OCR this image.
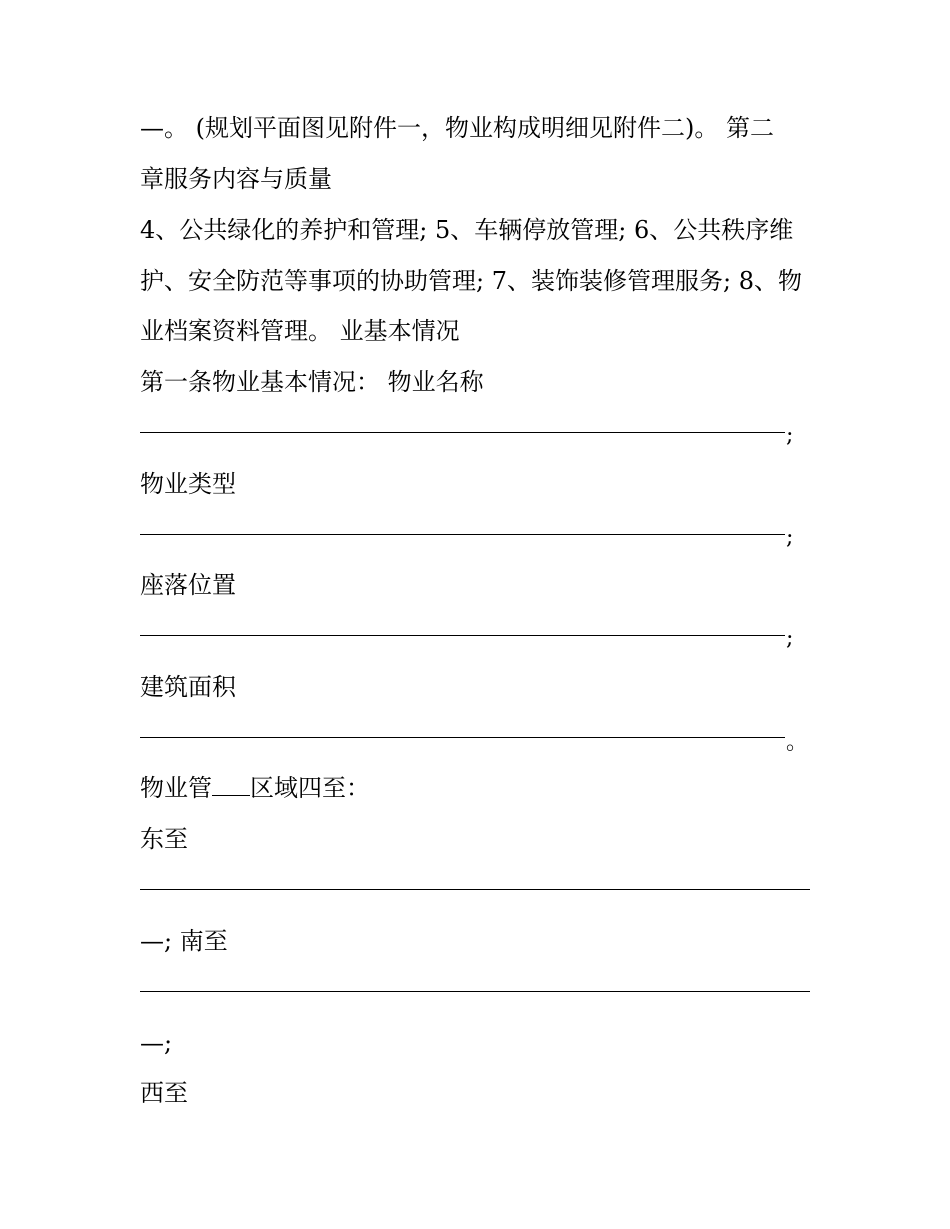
—。 (规划平面图见附件一，物业构成明细见附件二)。 第二
章服务内容与质量
4、公共绿化的养护和管理; 5、车辆停放管理; 6、公共秩序维
护、安全防范等事项的协助管理; 7、装饰装修管理服务; 8、物
业档案资料管理。 业基本情况
第一条物业基本情况： 物业名称
;
物业类型
;
座落位置
;
建筑面积
。
物业管 区域四至：
东至
—; 南至
—;
西至
